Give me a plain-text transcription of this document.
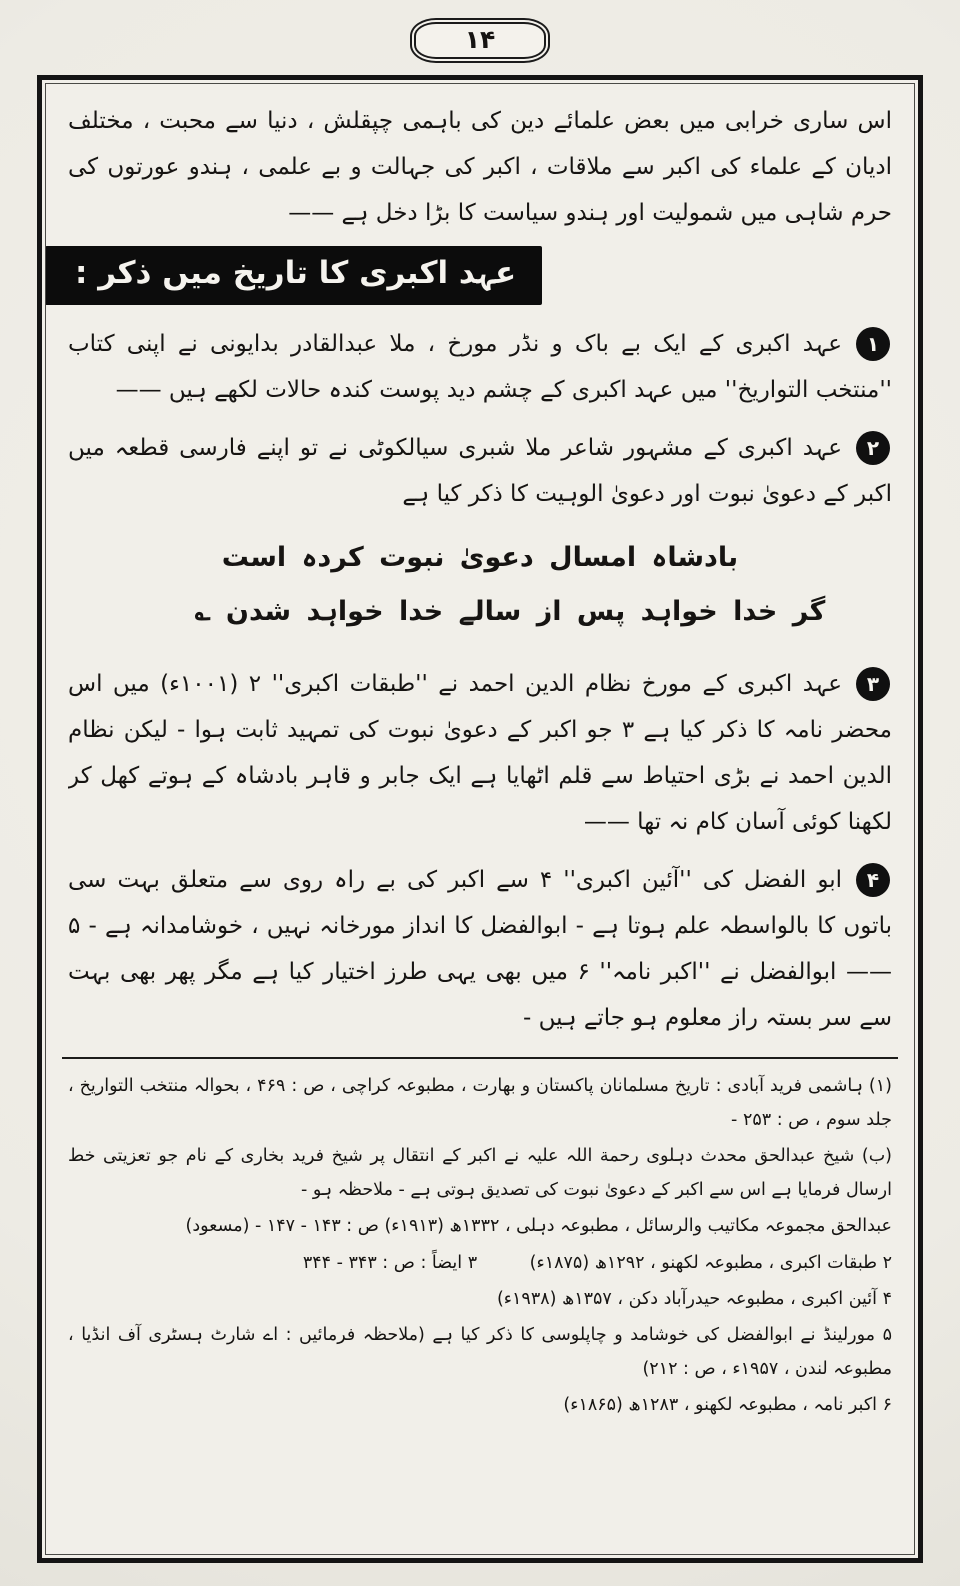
۱۴

اس ساری خرابی میں بعض علمائے دین کی باہمی چپقلش ، دنیا سے محبت ، مختلف ادیان کے علماء کی اکبر سے ملاقات ، اکبر کی جہالت و بے علمی ، ہندو عورتوں کی حرم شاہی میں شمولیت اور ہندو سیاست کا بڑا دخل ہے ——

عہد اکبری کا تاریخ میں ذکر :
۱
عہد اکبری کے ایک بے باک و نڈر مورخ ، ملا عبدالقادر بدایونی نے اپنی کتاب ''منتخب التواریخ'' میں عہد اکبری کے چشم دید پوست کندہ حالات لکھے ہیں ——
۲
عہد اکبری کے مشہور شاعر ملا شبری سیالکوٹی نے تو اپنے فارسی قطعہ میں اکبر کے دعویٰ نبوت اور دعویٰ الوہیت کا ذکر کیا ہے
بادشاہ امسال دعویٰ نبوت کردہ است
گر خدا خواہد پس از سالے خدا خواہد شدن ؎
۳
عہد اکبری کے مورخ نظام الدین احمد نے ''طبقات اکبری'' ۲ (۱۰۰۱ء) میں اس محضر نامہ کا ذکر کیا ہے ۳ جو اکبر کے دعویٰ نبوت کی تمہید ثابت ہوا - لیکن نظام الدین احمد نے بڑی احتیاط سے قلم اٹھایا ہے ایک جابر و قاہر بادشاہ کے ہوتے کھل کر لکھنا کوئی آسان کام نہ تھا ——
۴
ابو الفضل کی ''آئین اکبری'' ۴ سے اکبر کی بے راہ روی سے متعلق بہت سی باتوں کا بالواسطہ علم ہوتا ہے - ابوالفضل کا انداز مورخانہ نہیں ، خوشامدانہ ہے - ۵ —— ابوالفضل نے ''اکبر نامہ'' ۶ میں بھی یہی طرز اختیار کیا ہے مگر پھر بھی بہت سے سر بستہ راز معلوم ہو جاتے ہیں -

(۱) ہاشمی فرید آبادی : تاریخ مسلمانان پاکستان و بھارت ، مطبوعہ کراچی ، ص : ۴۶۹ ، بحوالہ منتخب التواریخ ، جلد سوم ، ص : ۲۵۳ -

(ب) شیخ عبدالحق محدث دہلوی رحمة اللہ علیہ نے اکبر کے انتقال پر شیخ فرید بخاری کے نام جو تعزیتی خط ارسال فرمایا ہے اس سے اکبر کے دعویٰ نبوت کی تصدیق ہوتی ہے - ملاحظہ ہو -

عبدالحق مجموعہ مکاتیب والرسائل ، مطبوعہ دہلی ، ۱۳۳۲ھ (۱۹۱۳ء) ص : ۱۴۳ - ۱۴۷ - (مسعود)

۲ طبقات اکبری ، مطبوعہ لکھنو ، ۱۲۹۲ھ (۱۸۷۵ء)   ۳ ایضاً : ص : ۳۴۳ - ۳۴۴

۴ آئین اکبری ، مطبوعہ حیدرآباد دکن ، ۱۳۵۷ھ (۱۹۳۸ء)

۵ مورلینڈ نے ابوالفضل کی خوشامد و چاپلوسی کا ذکر کیا ہے (ملاحظہ فرمائیں : اے شارٹ ہسٹری آف انڈیا ، مطبوعہ لندن ، ۱۹۵۷ء ، ص : ۲۱۲)

۶ اکبر نامہ ، مطبوعہ لکھنو ، ۱۲۸۳ھ (۱۸۶۵ء)
